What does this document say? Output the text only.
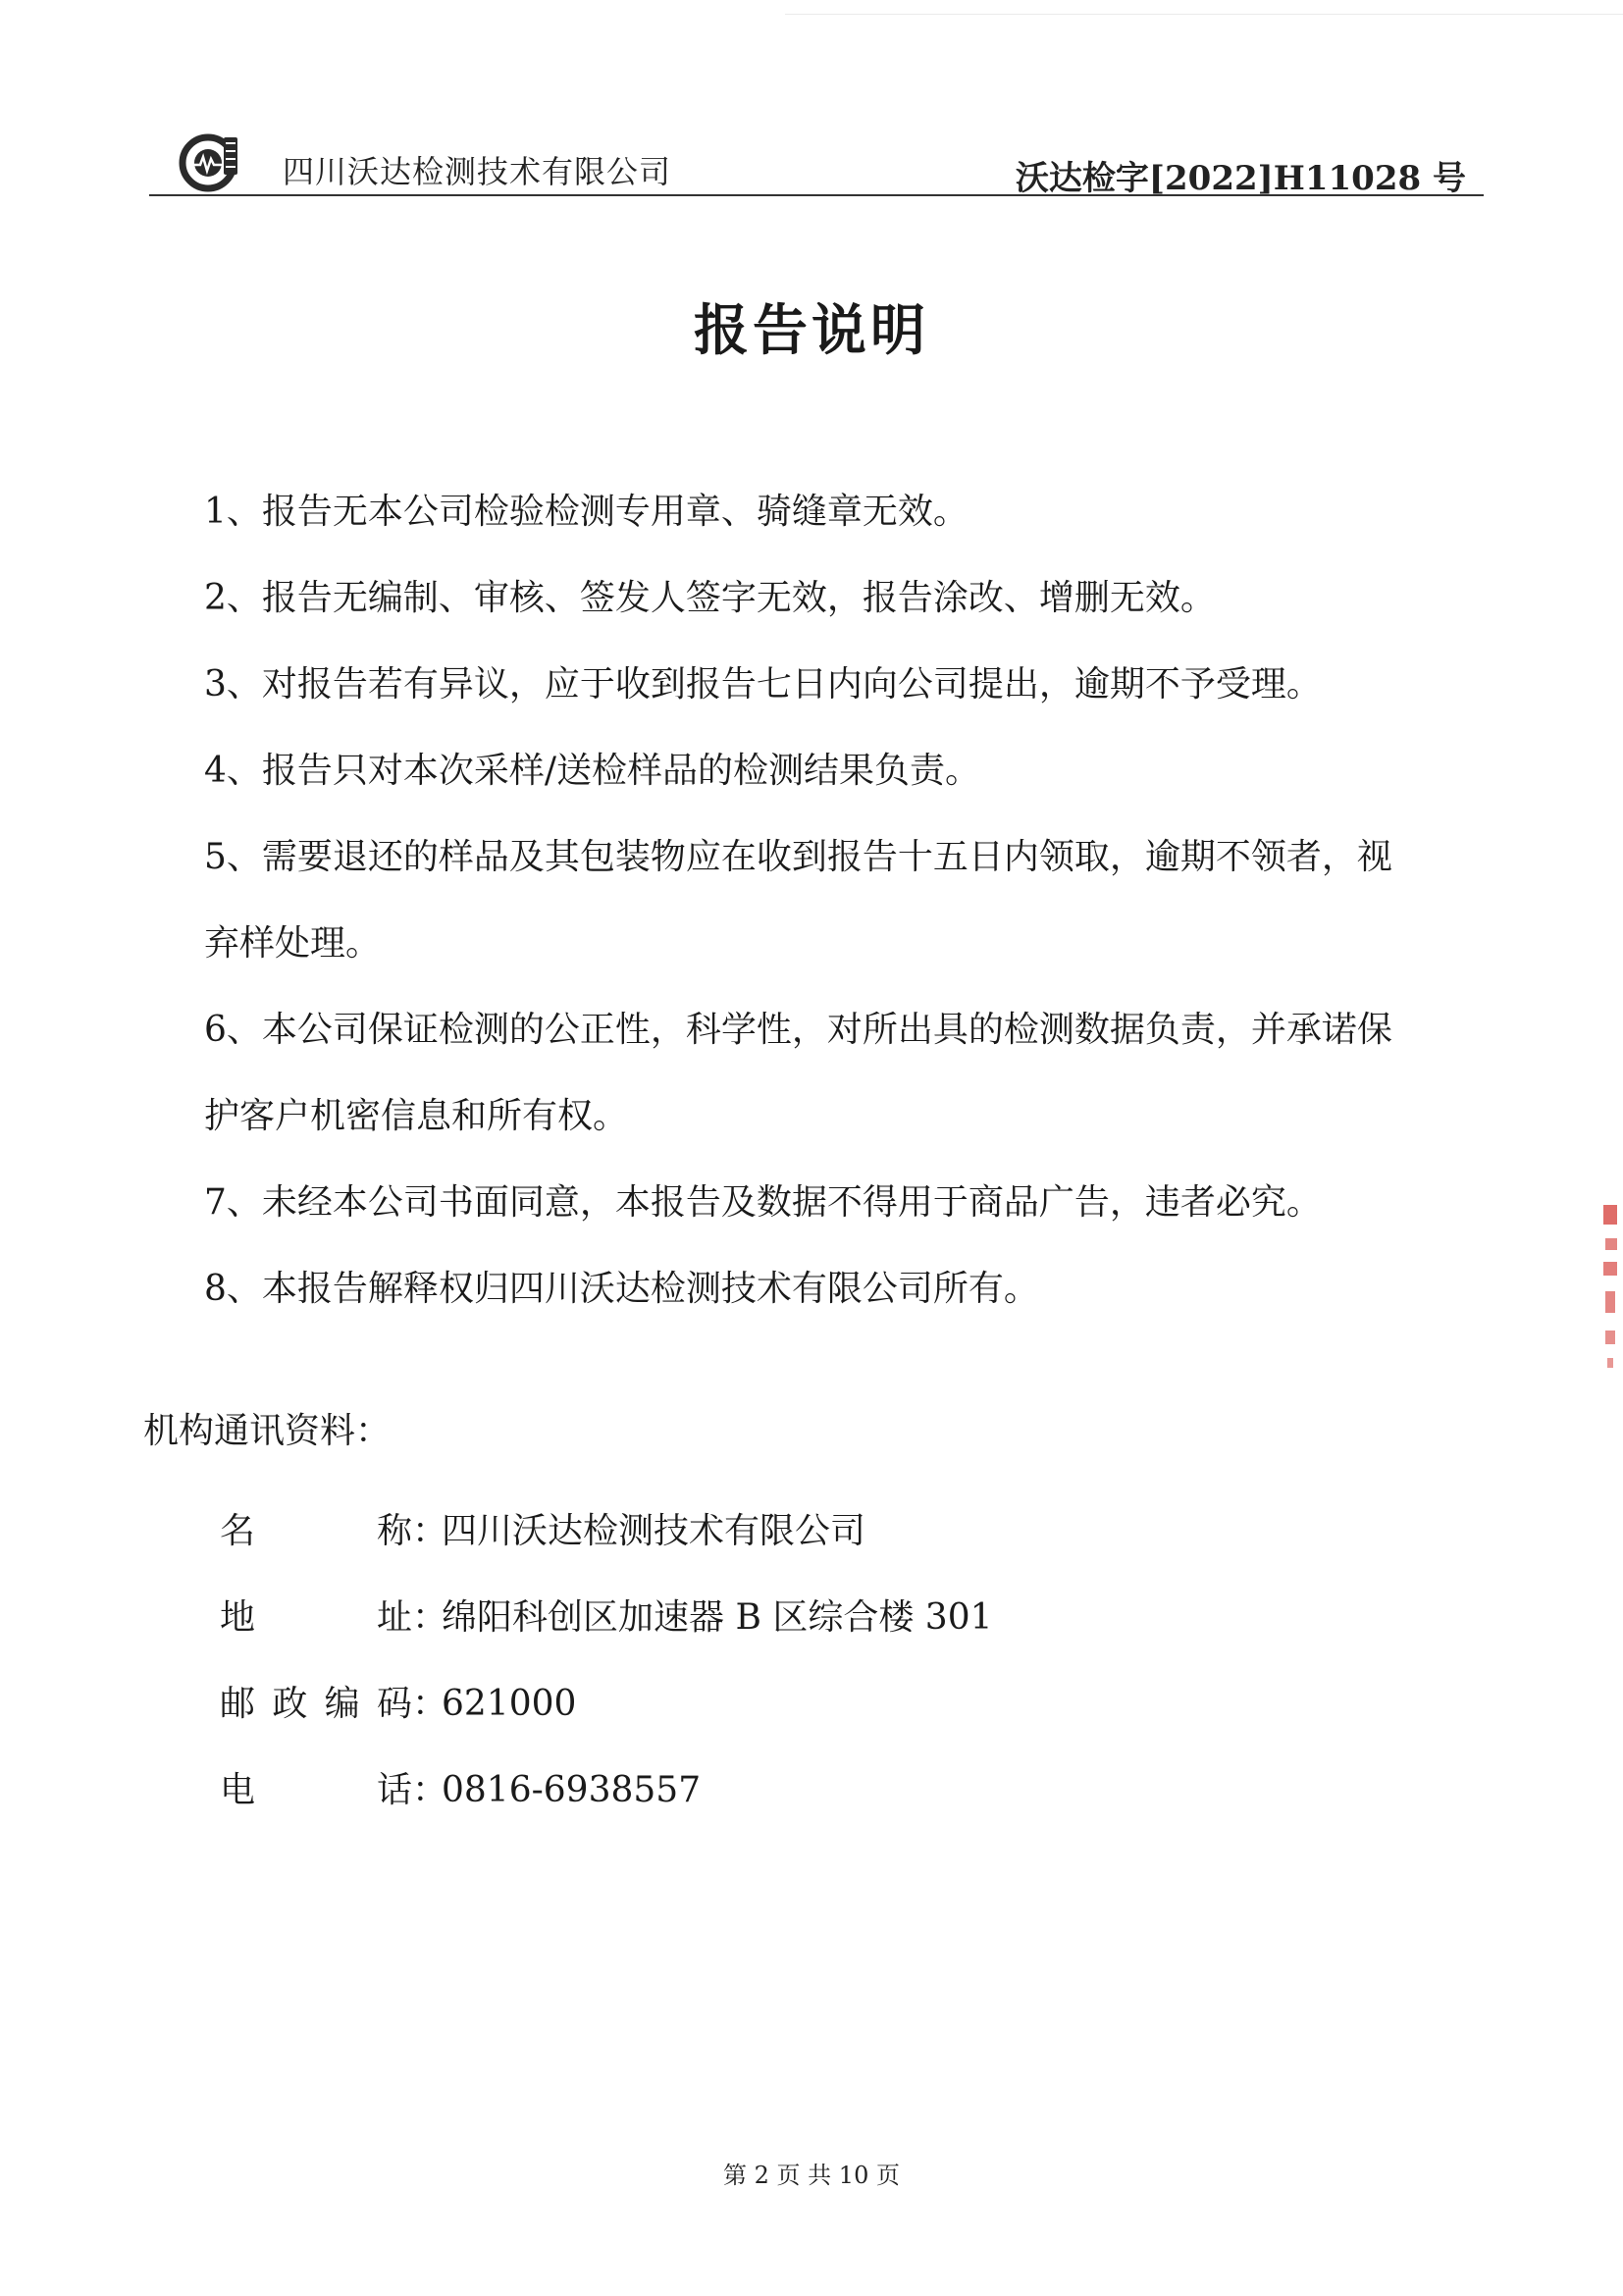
四川沃达检测技术有限公司	沃达检字[2022]H11028 号
报告说明

1、报告无本公司检验检测专用章、骑缝章无效。

2、报告无编制、审核、签发人签字无效，报告涂改、增删无效。

3、对报告若有异议，应于收到报告七日内向公司提出，逾期不予受理。

4、报告只对本次采样/送检样品的检测结果负责。

5、需要退还的样品及其包装物应在收到报告十五日内领取，逾期不领者，视

弃样处理。

6、本公司保证检测的公正性，科学性，对所出具的检测数据负责，并承诺保

护客户机密信息和所有权。

7、未经本公司书面同意，本报告及数据不得用于商品广告，违者必究。

8、本报告解释权归四川沃达检测技术有限公司所有。

机构通讯资料：
名称 ：
四川沃达检测技术有限公司
地址 ：
绵阳科创区加速器 B 区综合楼 301
邮政编码 ：
621000
电话 ：
0816-6938557
第 2 页 共 10 页
